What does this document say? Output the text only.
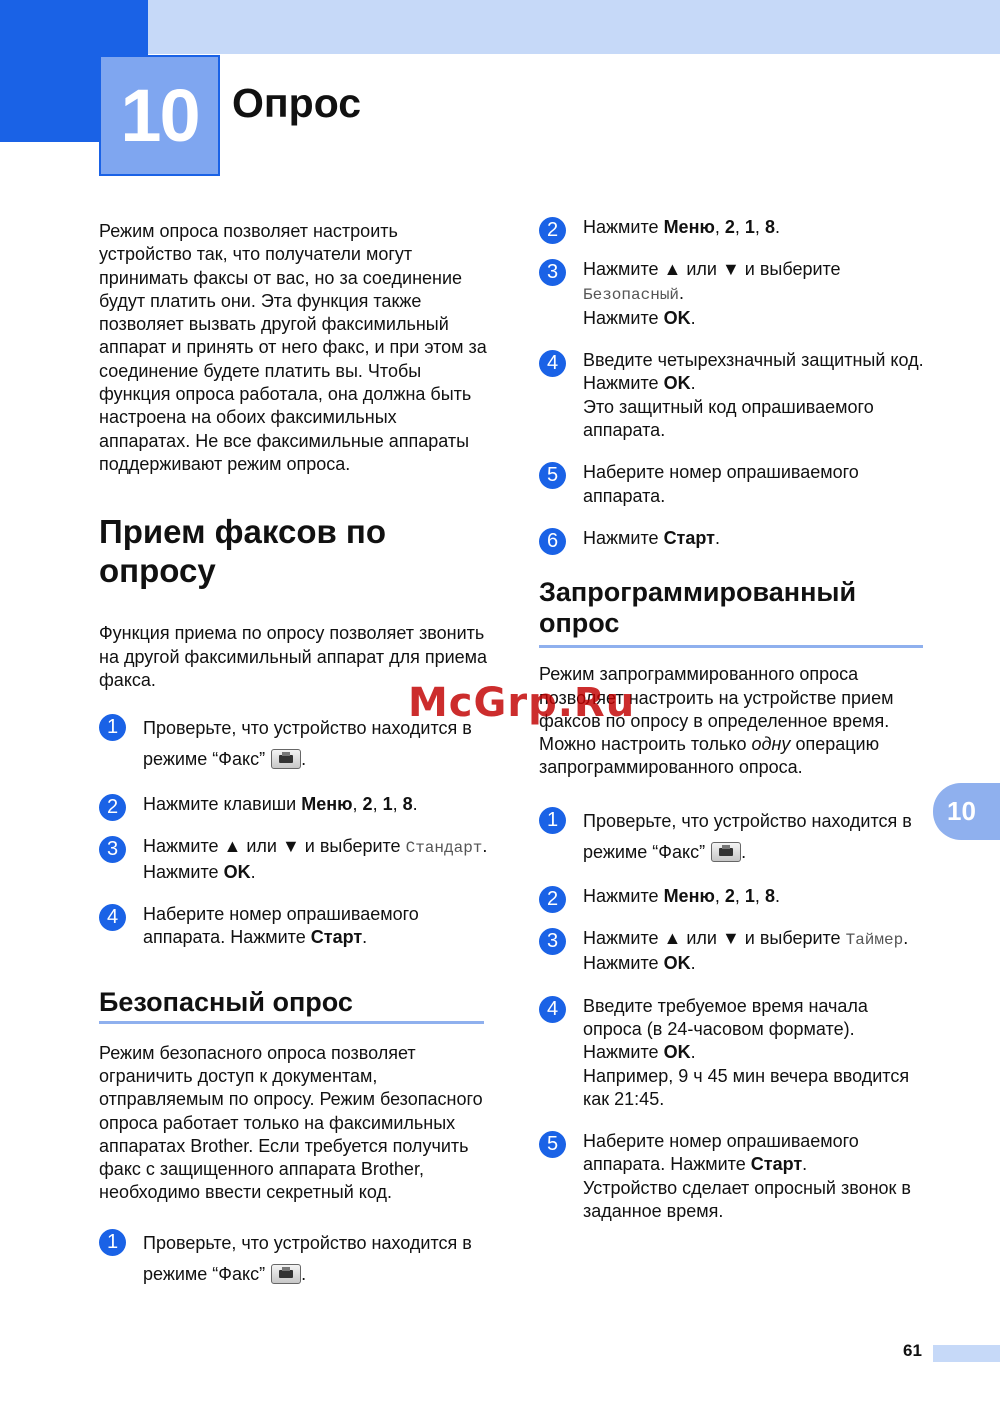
10 Опрос

Режим опроса позволяет настроить устройство так, что получатели могут принимать факсы от вас, но за соединение будут платить они. Эта функция также позволяет вызвать другой факсимильный аппарат и принять от него факс, и при этом за соединение будете платить вы. Чтобы функция опроса работала, она должна быть настроена на обоих факсимильных аппаратах. Не все факсимильные аппараты поддерживают режим опроса.

Прием факсов по опросу

Функция приема по опросу позволяет звонить на другой факсимильный аппарат для приема факса.

1	Проверьте, что устройство находится в режиме “Факс” .
2	Нажмите клавиши Меню, 2, 1, 8.
3	Нажмите ▲ или ▼ и выберите Стандарт. Нажмите OK.
4	Наберите номер опрашиваемого аппарата. Нажмите Старт.
Безопасный опрос

Режим безопасного опроса позволяет ограничить доступ к документам, отправляемым по опросу. Режим безопасного опроса работает только на факсимильных аппаратах Brother. Если требуется получить факс с защищенного аппарата Brother, необходимо ввести секретный код.

1	Проверьте, что устройство находится в режиме “Факс” .
2	Нажмите Меню, 2, 1, 8.
3	Нажмите ▲ или ▼ и выберите
Безопасный.
Нажмите OK.
4	Введите четырехзначный защитный код.
Нажмите OK.
Это защитный код опрашиваемого аппарата.
5	Наберите номер опрашиваемого аппарата.
6	Нажмите Старт.
Запрограммированный опрос

Режим запрограммированного опроса позволяет настроить на устройстве прием факсов по опросу в определенное время. Можно настроить только одну операцию запрограммированного опроса.

1	Проверьте, что устройство находится в режиме “Факс” .
2	Нажмите Меню, 2, 1, 8.
3	Нажмите ▲ или ▼ и выберите Таймер.
Нажмите OK.
4	Введите требуемое время начала опроса (в 24-часовом формате).
Нажмите OK.
Например, 9 ч 45 мин вечера вводится как 21:45.
5	Наберите номер опрашиваемого аппарата. Нажмите Старт.
Устройство сделает опросный звонок в заданное время.
McGrp.Ru
10
61
